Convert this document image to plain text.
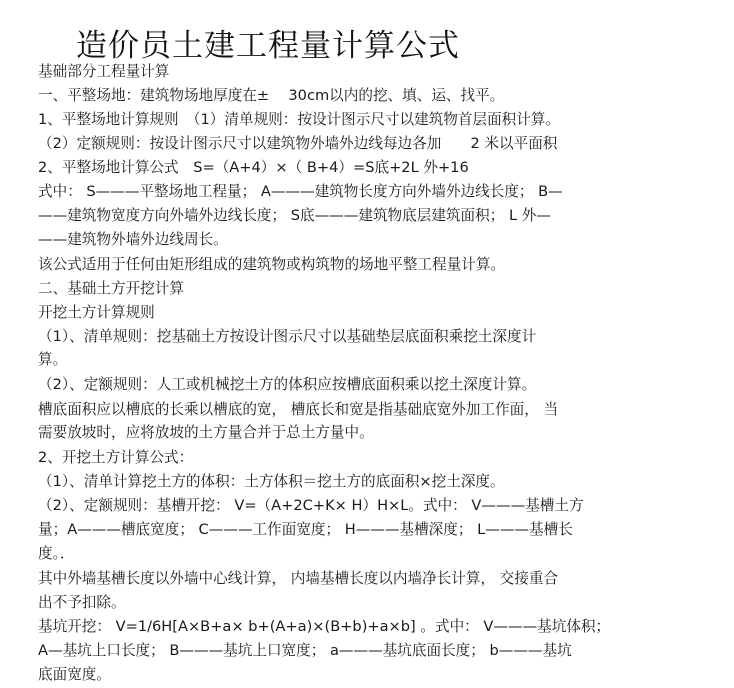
造价员土建工程量计算公式
基础部分工程量计算
一、平整场地：建筑物场地厚度在±　 30cm以内的挖、填、运、找平。
1、平整场地计算规则　（1）清单规则：按设计图示尺寸以建筑物首层面积计算。
（2）定额规则：按设计图示尺寸以建筑物外墙外边线每边各加　　2 米以平面积
2、平整场地计算公式　S=（A+4）×（ B+4）=S底+2L 外+16
式中： S———平整场地工程量； A———建筑物长度方向外墙外边线长度； B—
——建筑物宽度方向外墙外边线长度； S底———建筑物底层建筑面积； L 外—
——建筑物外墙外边线周长。
该公式适用于任何由矩形组成的建筑物或构筑物的场地平整工程量计算。
二、基础土方开挖计算
开挖土方计算规则
（1）、清单规则：挖基础土方按设计图示尺寸以基础垫层底面积乘挖土深度计
算。
（2）、定额规则：人工或机械挖土方的体积应按槽底面积乘以挖土深度计算。
槽底面积应以槽底的长乘以槽底的宽， 槽底长和宽是指基础底宽外加工作面， 当
需要放坡时，应将放坡的土方量合并于总土方量中。
2、开挖土方计算公式：
（1）、清单计算挖土方的体积：土方体积＝挖土方的底面积×挖土深度。
（2）、定额规则：基槽开挖： V=（A+2C+K× H）H×L。式中： V———基槽土方
量；A———槽底宽度； C———工作面宽度； H———基槽深度； L———基槽长
度。．
其中外墙基槽长度以外墙中心线计算， 内墙基槽长度以内墙净长计算， 交接重合
出不予扣除。
基坑开挖： V=1/6H[A×B+a× b+(A+a)×(B+b)+a×b] 。式中： V———基坑体积；
A—基坑上口长度； B———基坑上口宽度； a———基坑底面长度； b———基坑
底面宽度。
